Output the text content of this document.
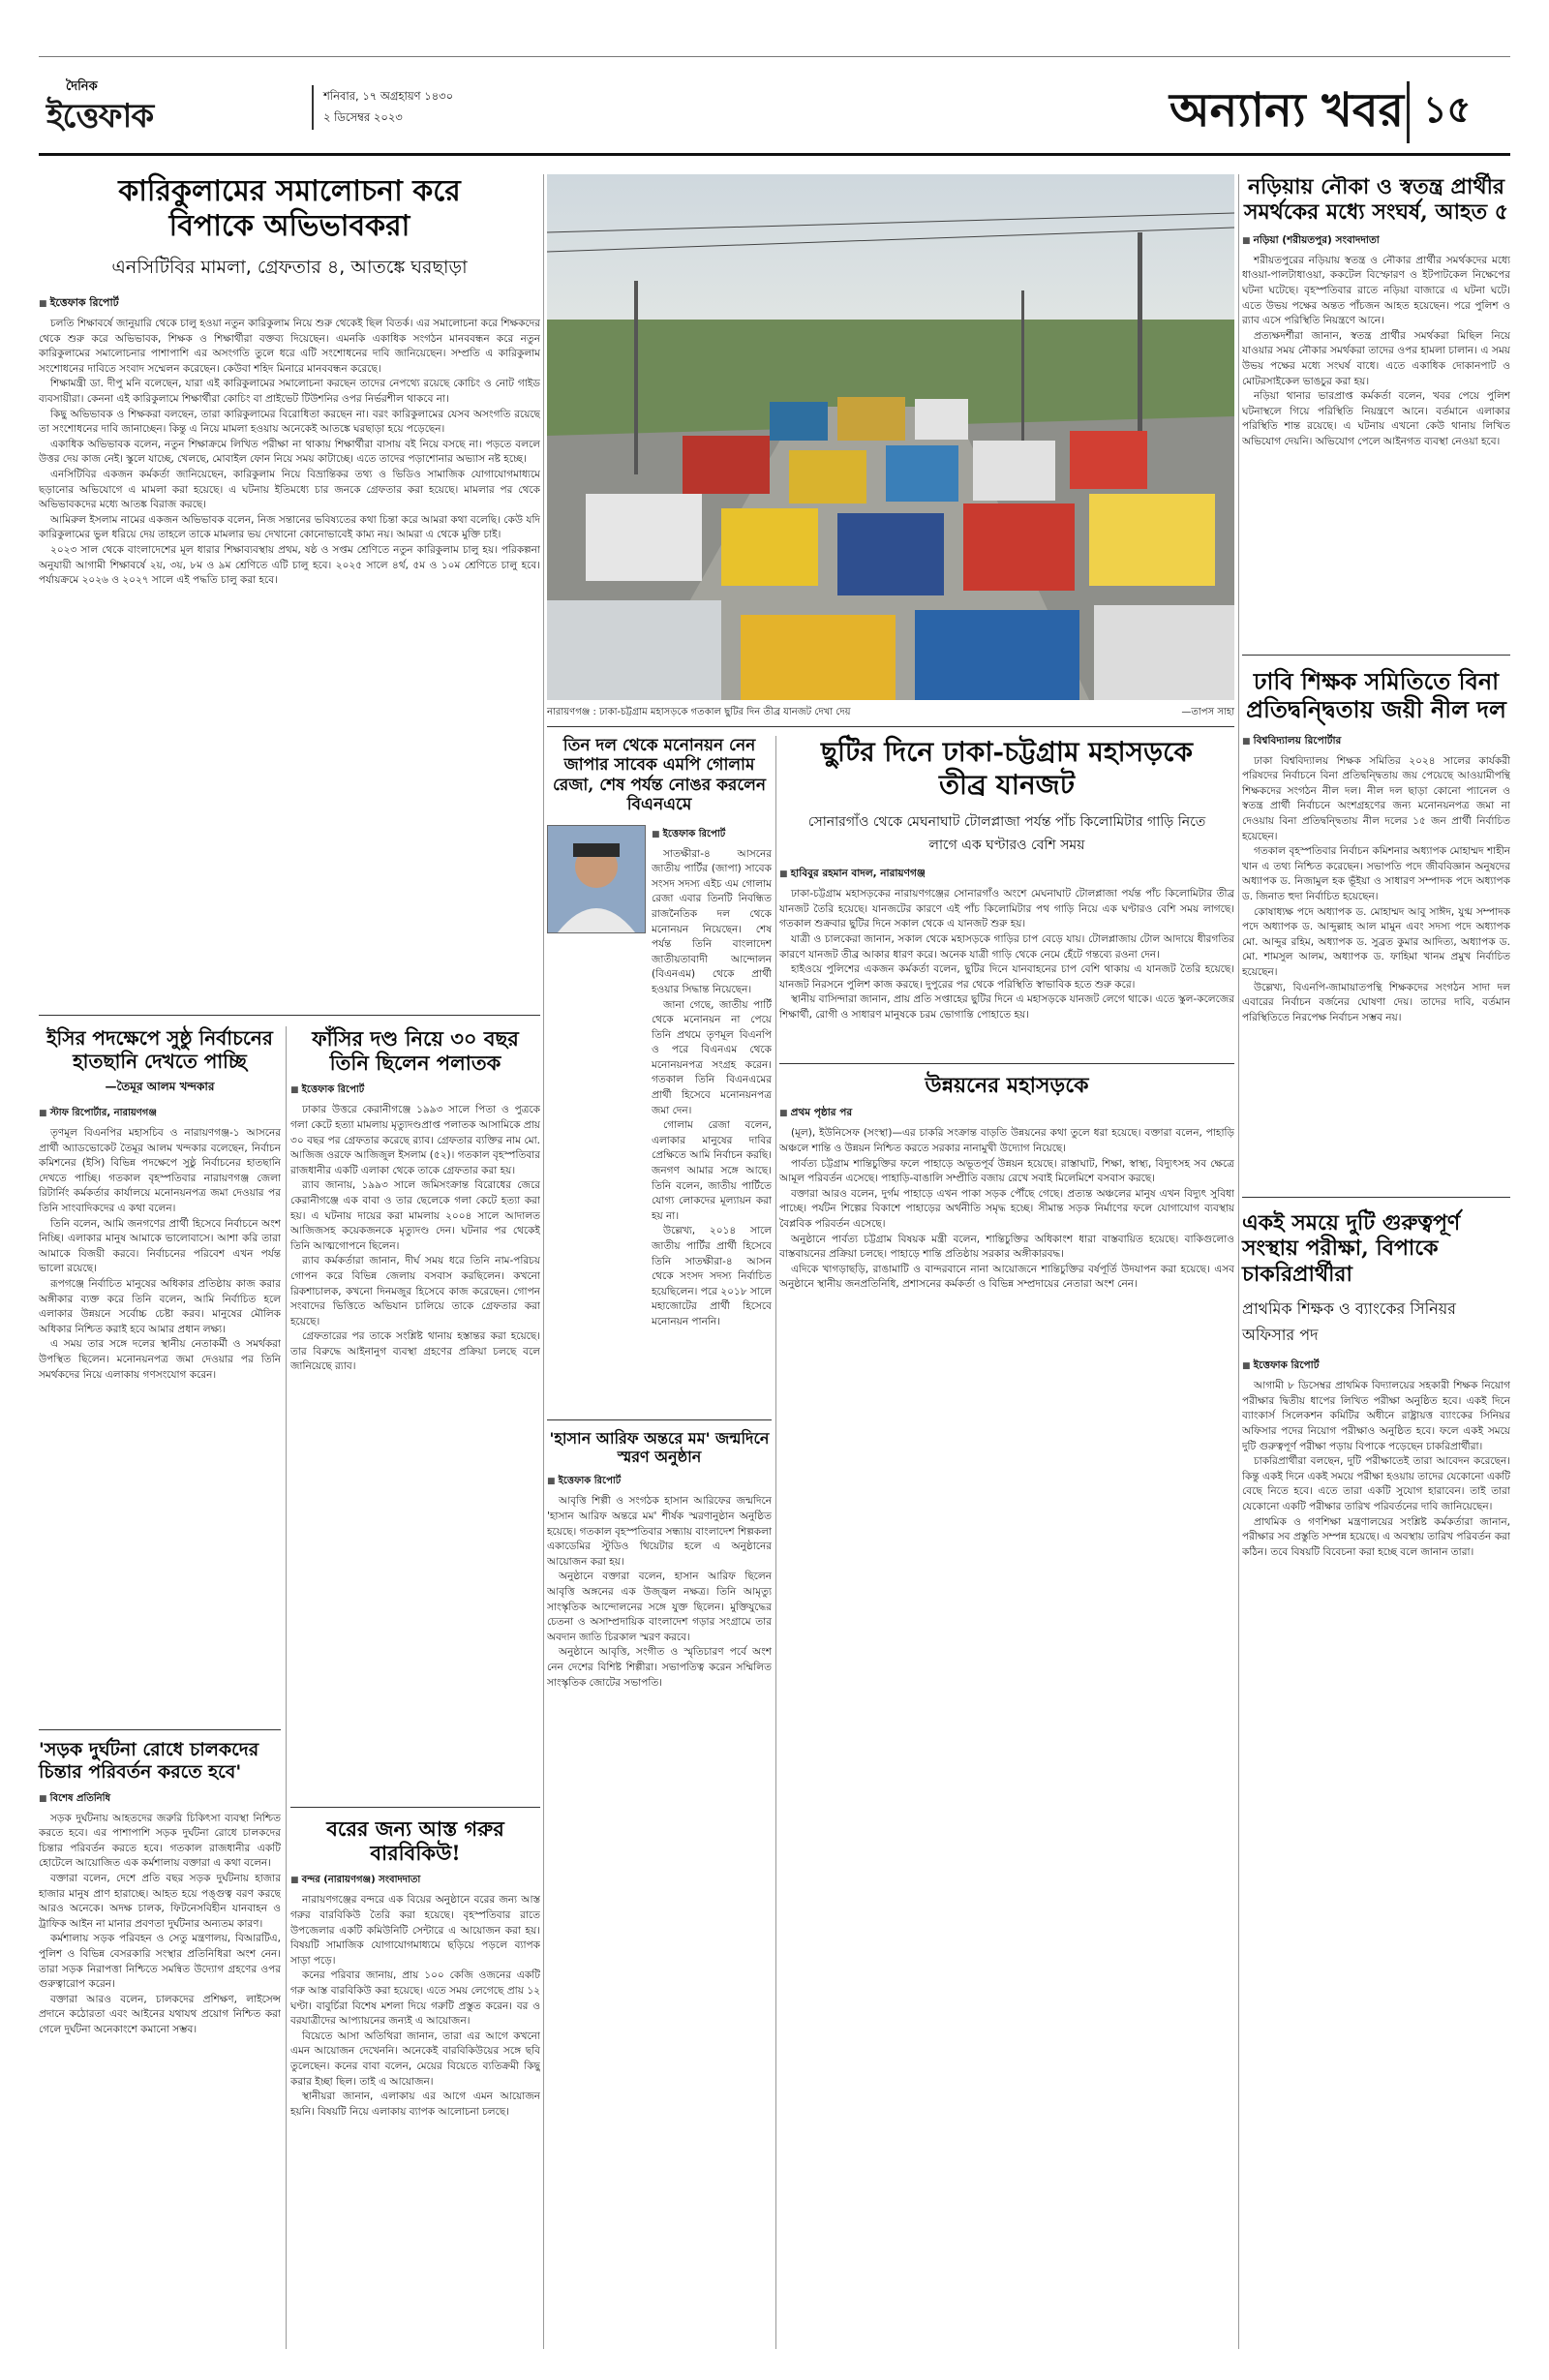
দৈনিক
ইত্তেফাক
শনিবার, ১৭ অগ্রহায়ণ ১৪৩০
২ ডিসেম্বর ২০২৩	অন্যান্য খবর ১৫
কারিকুলামের সমালোচনা করে বিপাকে অভিভাবকরা
এনসিটিবির মামলা, গ্রেফতার ৪, আতঙ্কে ঘরছাড়া
■ ইত্তেফাক রিপোর্ট

চলতি শিক্ষাবর্ষে জানুয়ারি থেকে চালু হওয়া নতুন কারিকুলাম নিয়ে শুরু থেকেই ছিল বিতর্ক। এর সমালোচনা করে শিক্ষকদের থেকে শুরু করে অভিভাবক, শিক্ষক ও শিক্ষার্থীরা বক্তব্য দিয়েছেন। এমনকি একাধিক সংগঠন মানববন্ধন করে নতুন কারিকুলামের সমালোচনার পাশাপাশি এর অসংগতি তুলে ধরে এটি সংশোধনের দাবি জানিয়েছেন। সম্প্রতি এ কারিকুলাম সংশোধনের দাবিতে সংবাদ সম্মেলন করেছেন। কেউবা শহিদ মিনারে মানববন্ধন করেছে।

শিক্ষামন্ত্রী ডা. দীপু মনি বলেছেন, যারা এই কারিকুলামের সমালোচনা করছেন তাদের নেপথ্যে রয়েছে কোচিং ও নোট গাইড ব্যবসায়ীরা। কেননা এই কারিকুলামে শিক্ষার্থীরা কোচিং বা প্রাইভেট টিউশনির ওপর নির্ভরশীল থাকবে না।

কিছু অভিভাবক ও শিক্ষকরা বলছেন, তারা কারিকুলামের বিরোধিতা করছেন না। বরং কারিকুলামের যেসব অসংগতি রয়েছে তা সংশোধনের দাবি জানাচ্ছেন। কিন্তু এ নিয়ে মামলা হওয়ায় অনেকেই আতঙ্কে ঘরছাড়া হয়ে পড়েছেন।

একাধিক অভিভাবক বলেন, নতুন শিক্ষাক্রমে লিখিত পরীক্ষা না থাকায় শিক্ষার্থীরা বাসায় বই নিয়ে বসছে না। পড়তে বললে উত্তর দেয় কাজ নেই। স্কুলে যাচ্ছে, খেলছে, মোবাইল ফোন নিয়ে সময় কাটাচ্ছে। এতে তাদের পড়াশোনার অভ্যাস নষ্ট হচ্ছে।

এনসিটিবির একজন কর্মকর্তা জানিয়েছেন, কারিকুলাম নিয়ে বিভ্রান্তিকর তথ্য ও ভিডিও সামাজিক যোগাযোগমাধ্যমে ছড়ানোর অভিযোগে এ মামলা করা হয়েছে। এ ঘটনায় ইতিমধ্যে চার জনকে গ্রেফতার করা হয়েছে। মামলার পর থেকে অভিভাবকদের মধ্যে আতঙ্ক বিরাজ করছে।

আমিরুল ইসলাম নামের একজন অভিভাবক বলেন, নিজ সন্তানের ভবিষ্যতের কথা চিন্তা করে আমরা কথা বলেছি। কেউ যদি কারিকুলামের ভুল ধরিয়ে দেয় তাহলে তাকে মামলার ভয় দেখানো কোনোভাবেই কাম্য নয়। আমরা এ থেকে মুক্তি চাই।

২০২৩ সাল থেকে বাংলাদেশের মূল ধারার শিক্ষাব্যবস্থায় প্রথম, ষষ্ঠ ও সপ্তম শ্রেণিতে নতুন কারিকুলাম চালু হয়। পরিকল্পনা অনুযায়ী আগামী শিক্ষাবর্ষে ২য়, ৩য়, ৮ম ও ৯ম শ্রেণিতে এটি চালু হবে। ২০২৫ সালে ৪র্থ, ৫ম ও ১০ম শ্রেণিতে চালু হবে। পর্যায়ক্রমে ২০২৬ ও ২০২৭ সালে এই পদ্ধতি চালু করা হবে।

নারায়ণগঞ্জ : ঢাকা-চট্টগ্রাম মহাসড়কে গতকাল ছুটির দিন তীব্র যানজট দেখা দেয়	—তাপস সাহা
নড়িয়ায় নৌকা ও স্বতন্ত্র প্রার্থীর সমর্থকের মধ্যে সংঘর্ষ, আহত ৫
■ নড়িয়া (শরীয়তপুর) সংবাদদাতা

শরীয়তপুরের নড়িয়ায় স্বতন্ত্র ও নৌকার প্রার্থীর সমর্থকদের মধ্যে ধাওয়া-পালটাধাওয়া, ককটেল বিস্ফোরণ ও ইটপাটকেল নিক্ষেপের ঘটনা ঘটেছে। বৃহস্পতিবার রাতে নড়িয়া বাজারে এ ঘটনা ঘটে। এতে উভয় পক্ষের অন্তত পাঁচজন আহত হয়েছেন। পরে পুলিশ ও র‍্যাব এসে পরিস্থিতি নিয়ন্ত্রণে আনে।

প্রত্যক্ষদর্শীরা জানান, স্বতন্ত্র প্রার্থীর সমর্থকরা মিছিল নিয়ে যাওয়ার সময় নৌকার সমর্থকরা তাদের ওপর হামলা চালান। এ সময় উভয় পক্ষের মধ্যে সংঘর্ষ বাধে। এতে একাধিক দোকানপাট ও মোটরসাইকেল ভাঙচুর করা হয়।

নড়িয়া থানার ভারপ্রাপ্ত কর্মকর্তা বলেন, খবর পেয়ে পুলিশ ঘটনাস্থলে গিয়ে পরিস্থিতি নিয়ন্ত্রণে আনে। বর্তমানে এলাকার পরিস্থিতি শান্ত রয়েছে। এ ঘটনায় এখনো কেউ থানায় লিখিত অভিযোগ দেয়নি। অভিযোগ পেলে আইনগত ব্যবস্থা নেওয়া হবে।

ঢাবি শিক্ষক সমিতিতে বিনা প্রতিদ্বন্দ্বিতায় জয়ী নীল দল
■ বিশ্ববিদ্যালয় রিপোর্টার

ঢাকা বিশ্ববিদ্যালয় শিক্ষক সমিতির ২০২৪ সালের কার্যকরী পরিষদের নির্বাচনে বিনা প্রতিদ্বন্দ্বিতায় জয় পেয়েছে আওয়ামীপন্থি শিক্ষকদের সংগঠন নীল দল। নীল দল ছাড়া কোনো প্যানেল ও স্বতন্ত্র প্রার্থী নির্বাচনে অংশগ্রহণের জন্য মনোনয়নপত্র জমা না দেওয়ায় বিনা প্রতিদ্বন্দ্বিতায় নীল দলের ১৫ জন প্রার্থী নির্বাচিত হয়েছেন।

গতকাল বৃহস্পতিবার নির্বাচন কমিশনার অধ্যাপক মোহাম্মদ শাহীন খান এ তথ্য নিশ্চিত করেছেন। সভাপতি পদে জীববিজ্ঞান অনুষদের অধ্যাপক ড. নিজামুল হক ভূঁইয়া ও সাধারণ সম্পাদক পদে অধ্যাপক ড. জিনাত হুদা নির্বাচিত হয়েছেন।

কোষাধ্যক্ষ পদে অধ্যাপক ড. মোহাম্মদ আবু সাঈদ, যুগ্ম সম্পাদক পদে অধ্যাপক ড. আব্দুল্লাহ আল মামুন এবং সদস্য পদে অধ্যাপক মো. আব্দুর রহিম, অধ্যাপক ড. সুব্রত কুমার আদিত্য, অধ্যাপক ড. মো. শামসুল আলম, অধ্যাপক ড. ফাহিমা খানম প্রমুখ নির্বাচিত হয়েছেন।

উল্লেখ্য, বিএনপি-জামায়াতপন্থি শিক্ষকদের সংগঠন সাদা দল এবারের নির্বাচন বর্জনের ঘোষণা দেয়। তাদের দাবি, বর্তমান পরিস্থিতিতে নিরপেক্ষ নির্বাচন সম্ভব নয়।

একই সময়ে দুটি গুরুত্বপূর্ণ সংস্থায় পরীক্ষা, বিপাকে চাকরিপ্রার্থীরা
প্রাথমিক শিক্ষক ও ব্যাংকের সিনিয়র অফিসার পদ
■ ইত্তেফাক রিপোর্ট

আগামী ৮ ডিসেম্বর প্রাথমিক বিদ্যালয়ের সহকারী শিক্ষক নিয়োগ পরীক্ষার দ্বিতীয় ধাপের লিখিত পরীক্ষা অনুষ্ঠিত হবে। একই দিনে ব্যাংকার্স সিলেকশন কমিটির অধীনে রাষ্ট্রায়ত্ত ব্যাংকের সিনিয়র অফিসার পদের নিয়োগ পরীক্ষাও অনুষ্ঠিত হবে। ফলে একই সময়ে দুটি গুরুত্বপূর্ণ পরীক্ষা পড়ায় বিপাকে পড়েছেন চাকরিপ্রার্থীরা।

চাকরিপ্রার্থীরা বলছেন, দুটি পরীক্ষাতেই তারা আবেদন করেছেন। কিন্তু একই দিনে একই সময়ে পরীক্ষা হওয়ায় তাদের যেকোনো একটি বেছে নিতে হবে। এতে তারা একটি সুযোগ হারাবেন। তাই তারা যেকোনো একটি পরীক্ষার তারিখ পরিবর্তনের দাবি জানিয়েছেন।

প্রাথমিক ও গণশিক্ষা মন্ত্রণালয়ের সংশ্লিষ্ট কর্মকর্তারা জানান, পরীক্ষার সব প্রস্তুতি সম্পন্ন হয়েছে। এ অবস্থায় তারিখ পরিবর্তন করা কঠিন। তবে বিষয়টি বিবেচনা করা হচ্ছে বলে জানান তারা।

তিন দল থেকে মনোনয়ন নেন জাপার সাবেক এমপি গোলাম রেজা, শেষ পর্যন্ত নোঙর করলেন বিএনএমে
■ ইত্তেফাক রিপোর্ট

সাতক্ষীরা-৪ আসনের জাতীয় পার্টির (জাপা) সাবেক সংসদ সদস্য এইচ এম গোলাম রেজা এবার তিনটি নিবন্ধিত রাজনৈতিক দল থেকে মনোনয়ন নিয়েছেন। শেষ পর্যন্ত তিনি বাংলাদেশ জাতীয়তাবাদী আন্দোলন (বিএনএম) থেকে প্রার্থী হওয়ার সিদ্ধান্ত নিয়েছেন।

জানা গেছে, জাতীয় পার্টি থেকে মনোনয়ন না পেয়ে তিনি প্রথমে তৃণমূল বিএনপি ও পরে বিএনএম থেকে মনোনয়নপত্র সংগ্রহ করেন। গতকাল তিনি বিএনএমের প্রার্থী হিসেবে মনোনয়নপত্র জমা দেন।

গোলাম রেজা বলেন, এলাকার মানুষের দাবির প্রেক্ষিতে আমি নির্বাচন করছি। জনগণ আমার সঙ্গে আছে। তিনি বলেন, জাতীয় পার্টিতে যোগ্য লোকদের মূল্যায়ন করা হয় না।

উল্লেখ্য, ২০১৪ সালে জাতীয় পার্টির প্রার্থী হিসেবে তিনি সাতক্ষীরা-৪ আসন থেকে সংসদ সদস্য নির্বাচিত হয়েছিলেন। পরে ২০১৮ সালে মহাজোটের প্রার্থী হিসেবে মনোনয়ন পাননি।

'হাসান আরিফ অন্তরে মম' জন্মদিনে স্মরণ অনুষ্ঠান
■ ইত্তেফাক রিপোর্ট

আবৃত্তি শিল্পী ও সংগঠক হাসান আরিফের জন্মদিনে 'হাসান আরিফ অন্তরে মম' শীর্ষক স্মরণানুষ্ঠান অনুষ্ঠিত হয়েছে। গতকাল বৃহস্পতিবার সন্ধ্যায় বাংলাদেশ শিল্পকলা একাডেমির স্টুডিও থিয়েটার হলে এ অনুষ্ঠানের আয়োজন করা হয়।

অনুষ্ঠানে বক্তারা বলেন, হাসান আরিফ ছিলেন আবৃত্তি অঙ্গনের এক উজ্জ্বল নক্ষত্র। তিনি আমৃত্যু সাংস্কৃতিক আন্দোলনের সঙ্গে যুক্ত ছিলেন। মুক্তিযুদ্ধের চেতনা ও অসাম্প্রদায়িক বাংলাদেশ গড়ার সংগ্রামে তার অবদান জাতি চিরকাল স্মরণ করবে।

অনুষ্ঠানে আবৃত্তি, সংগীত ও স্মৃতিচারণ পর্বে অংশ নেন দেশের বিশিষ্ট শিল্পীরা। সভাপতিত্ব করেন সম্মিলিত সাংস্কৃতিক জোটের সভাপতি।

ছুটির দিনে ঢাকা-চট্টগ্রাম মহাসড়কে তীব্র যানজট
সোনারগাঁও থেকে মেঘনাঘাট টোলপ্লাজা পর্যন্ত পাঁচ কিলোমিটার গাড়ি নিতে লাগে এক ঘণ্টারও বেশি সময়
■ হাবিবুর রহমান বাদল, নারায়ণগঞ্জ

ঢাকা-চট্টগ্রাম মহাসড়কের নারায়ণগঞ্জের সোনারগাঁও অংশে মেঘনাঘাট টোলপ্লাজা পর্যন্ত পাঁচ কিলোমিটার তীব্র যানজট তৈরি হয়েছে। যানজটের কারণে এই পাঁচ কিলোমিটার পথ গাড়ি নিয়ে এক ঘণ্টারও বেশি সময় লাগছে। গতকাল শুক্রবার ছুটির দিনে সকাল থেকে এ যানজট শুরু হয়।

যাত্রী ও চালকেরা জানান, সকাল থেকে মহাসড়কে গাড়ির চাপ বেড়ে যায়। টোলপ্লাজায় টোল আদায়ে ধীরগতির কারণে যানজট তীব্র আকার ধারণ করে। অনেক যাত্রী গাড়ি থেকে নেমে হেঁটে গন্তব্যে রওনা দেন।

হাইওয়ে পুলিশের একজন কর্মকর্তা বলেন, ছুটির দিনে যানবাহনের চাপ বেশি থাকায় এ যানজট তৈরি হয়েছে। যানজট নিরসনে পুলিশ কাজ করছে। দুপুরের পর থেকে পরিস্থিতি স্বাভাবিক হতে শুরু করে।

স্থানীয় বাসিন্দারা জানান, প্রায় প্রতি সপ্তাহের ছুটির দিনে এ মহাসড়কে যানজট লেগে থাকে। এতে স্কুল-কলেজের শিক্ষার্থী, রোগী ও সাধারণ মানুষকে চরম ভোগান্তি পোহাতে হয়।

উন্নয়নের মহাসড়কে
■ প্রথম পৃষ্ঠার পর

(মূল), ইউনিসেফ (সংস্থা)—এর চাকরি সংক্রান্ত বাড়তি উন্নয়নের কথা তুলে ধরা হয়েছে। বক্তারা বলেন, পাহাড়ি অঞ্চলে শান্তি ও উন্নয়ন নিশ্চিত করতে সরকার নানামুখী উদ্যোগ নিয়েছে।

পার্বত্য চট্টগ্রাম শান্তিচুক্তির ফলে পাহাড়ে অভূতপূর্ব উন্নয়ন হয়েছে। রাস্তাঘাট, শিক্ষা, স্বাস্থ্য, বিদ্যুৎসহ সব ক্ষেত্রে আমূল পরিবর্তন এসেছে। পাহাড়ি-বাঙালি সম্প্রীতি বজায় রেখে সবাই মিলেমিশে বসবাস করছে।

বক্তারা আরও বলেন, দুর্গম পাহাড়ে এখন পাকা সড়ক পৌঁছে গেছে। প্রত্যন্ত অঞ্চলের মানুষ এখন বিদ্যুৎ সুবিধা পাচ্ছে। পর্যটন শিল্পের বিকাশে পাহাড়ের অর্থনীতি সমৃদ্ধ হচ্ছে। সীমান্ত সড়ক নির্মাণের ফলে যোগাযোগ ব্যবস্থায় বৈপ্লবিক পরিবর্তন এসেছে।

অনুষ্ঠানে পার্বত্য চট্টগ্রাম বিষয়ক মন্ত্রী বলেন, শান্তিচুক্তির অধিকাংশ ধারা বাস্তবায়িত হয়েছে। বাকিগুলোও বাস্তবায়নের প্রক্রিয়া চলছে। পাহাড়ে শান্তি প্রতিষ্ঠায় সরকার অঙ্গীকারবদ্ধ।

এদিকে খাগড়াছড়ি, রাঙামাটি ও বান্দরবানে নানা আয়োজনে শান্তিচুক্তির বর্ষপূর্তি উদযাপন করা হয়েছে। এসব অনুষ্ঠানে স্থানীয় জনপ্রতিনিধি, প্রশাসনের কর্মকর্তা ও বিভিন্ন সম্প্রদায়ের নেতারা অংশ নেন।

ইসির পদক্ষেপে সুষ্ঠু নির্বাচনের হাতছানি দেখতে পাচ্ছি
—তৈমূর আলম খন্দকার
■ স্টাফ রিপোর্টার, নারায়ণগঞ্জ

তৃণমূল বিএনপির মহাসচিব ও নারায়ণগঞ্জ-১ আসনের প্রার্থী অ্যাডভোকেট তৈমূর আলম খন্দকার বলেছেন, নির্বাচন কমিশনের (ইসি) বিভিন্ন পদক্ষেপে সুষ্ঠু নির্বাচনের হাতছানি দেখতে পাচ্ছি। গতকাল বৃহস্পতিবার নারায়ণগঞ্জ জেলা রিটার্নিং কর্মকর্তার কার্যালয়ে মনোনয়নপত্র জমা দেওয়ার পর তিনি সাংবাদিকদের এ কথা বলেন।

তিনি বলেন, আমি জনগণের প্রার্থী হিসেবে নির্বাচনে অংশ নিচ্ছি। এলাকার মানুষ আমাকে ভালোবাসে। আশা করি তারা আমাকে বিজয়ী করবে। নির্বাচনের পরিবেশ এখন পর্যন্ত ভালো রয়েছে।

রূপগঞ্জে নির্বাচিত মানুষের অধিকার প্রতিষ্ঠায় কাজ করার অঙ্গীকার ব্যক্ত করে তিনি বলেন, আমি নির্বাচিত হলে এলাকার উন্নয়নে সর্বোচ্চ চেষ্টা করব। মানুষের মৌলিক অধিকার নিশ্চিত করাই হবে আমার প্রধান লক্ষ্য।

এ সময় তার সঙ্গে দলের স্থানীয় নেতাকর্মী ও সমর্থকরা উপস্থিত ছিলেন। মনোনয়নপত্র জমা দেওয়ার পর তিনি সমর্থকদের নিয়ে এলাকায় গণসংযোগ করেন।

'সড়ক দুর্ঘটনা রোধে চালকদের চিন্তার পরিবর্তন করতে হবে'
■ বিশেষ প্রতিনিধি

সড়ক দুর্ঘটনায় আহতদের জরুরি চিকিৎসা ব্যবস্থা নিশ্চিত করতে হবে। এর পাশাপাশি সড়ক দুর্ঘটনা রোধে চালকদের চিন্তার পরিবর্তন করতে হবে। গতকাল রাজধানীর একটি হোটেলে আয়োজিত এক কর্মশালায় বক্তারা এ কথা বলেন।

বক্তারা বলেন, দেশে প্রতি বছর সড়ক দুর্ঘটনায় হাজার হাজার মানুষ প্রাণ হারাচ্ছে। আহত হয়ে পঙ্গুত্ব বরণ করছে আরও অনেকে। অদক্ষ চালক, ফিটনেসবিহীন যানবাহন ও ট্রাফিক আইন না মানার প্রবণতা দুর্ঘটনার অন্যতম কারণ।

কর্মশালায় সড়ক পরিবহন ও সেতু মন্ত্রণালয়, বিআরটিএ, পুলিশ ও বিভিন্ন বেসরকারি সংস্থার প্রতিনিধিরা অংশ নেন। তারা সড়ক নিরাপত্তা নিশ্চিতে সমন্বিত উদ্যোগ গ্রহণের ওপর গুরুত্বারোপ করেন।

বক্তারা আরও বলেন, চালকদের প্রশিক্ষণ, লাইসেন্স প্রদানে কঠোরতা এবং আইনের যথাযথ প্রয়োগ নিশ্চিত করা গেলে দুর্ঘটনা অনেকাংশে কমানো সম্ভব।

ফাঁসির দণ্ড নিয়ে ৩০ বছর তিনি ছিলেন পলাতক
■ ইত্তেফাক রিপোর্ট

ঢাকার উত্তরে কেরানীগঞ্জে ১৯৯৩ সালে পিতা ও পুত্রকে গলা কেটে হত্যা মামলায় মৃত্যুদণ্ডপ্রাপ্ত পলাতক আসামিকে প্রায় ৩০ বছর পর গ্রেফতার করেছে র‍্যাব। গ্রেফতার ব্যক্তির নাম মো. আজিজ ওরফে আজিজুল ইসলাম (৫২)। গতকাল বৃহস্পতিবার রাজধানীর একটি এলাকা থেকে তাকে গ্রেফতার করা হয়।

র‍্যাব জানায়, ১৯৯৩ সালে জমিসংক্রান্ত বিরোধের জেরে কেরানীগঞ্জে এক বাবা ও তার ছেলেকে গলা কেটে হত্যা করা হয়। এ ঘটনায় দায়ের করা মামলায় ২০০৪ সালে আদালত আজিজসহ কয়েকজনকে মৃত্যুদণ্ড দেন। ঘটনার পর থেকেই তিনি আত্মগোপনে ছিলেন।

র‍্যাব কর্মকর্তারা জানান, দীর্ঘ সময় ধরে তিনি নাম-পরিচয় গোপন করে বিভিন্ন জেলায় বসবাস করছিলেন। কখনো রিকশাচালক, কখনো দিনমজুর হিসেবে কাজ করেছেন। গোপন সংবাদের ভিত্তিতে অভিযান চালিয়ে তাকে গ্রেফতার করা হয়েছে।

গ্রেফতারের পর তাকে সংশ্লিষ্ট থানায় হস্তান্তর করা হয়েছে। তার বিরুদ্ধে আইনানুগ ব্যবস্থা গ্রহণের প্রক্রিয়া চলছে বলে জানিয়েছে র‍্যাব।

বরের জন্য আস্ত গরুর বারবিকিউ!
■ বন্দর (নারায়ণগঞ্জ) সংবাদদাতা

নারায়ণগঞ্জের বন্দরে এক বিয়ের অনুষ্ঠানে বরের জন্য আস্ত গরুর বারবিকিউ তৈরি করা হয়েছে। বৃহস্পতিবার রাতে উপজেলার একটি কমিউনিটি সেন্টারে এ আয়োজন করা হয়। বিষয়টি সামাজিক যোগাযোগমাধ্যমে ছড়িয়ে পড়লে ব্যাপক সাড়া পড়ে।

কনের পরিবার জানায়, প্রায় ১০০ কেজি ওজনের একটি গরু আস্ত বারবিকিউ করা হয়েছে। এতে সময় লেগেছে প্রায় ১২ ঘণ্টা। বাবুর্চিরা বিশেষ মশলা দিয়ে গরুটি প্রস্তুত করেন। বর ও বরযাত্রীদের আপ্যায়নের জন্যই এ আয়োজন।

বিয়েতে আসা অতিথিরা জানান, তারা এর আগে কখনো এমন আয়োজন দেখেননি। অনেকেই বারবিকিউয়ের সঙ্গে ছবি তুলেছেন। কনের বাবা বলেন, মেয়ের বিয়েতে ব্যতিক্রমী কিছু করার ইচ্ছা ছিল। তাই এ আয়োজন।

স্থানীয়রা জানান, এলাকায় এর আগে এমন আয়োজন হয়নি। বিষয়টি নিয়ে এলাকায় ব্যাপক আলোচনা চলছে।
